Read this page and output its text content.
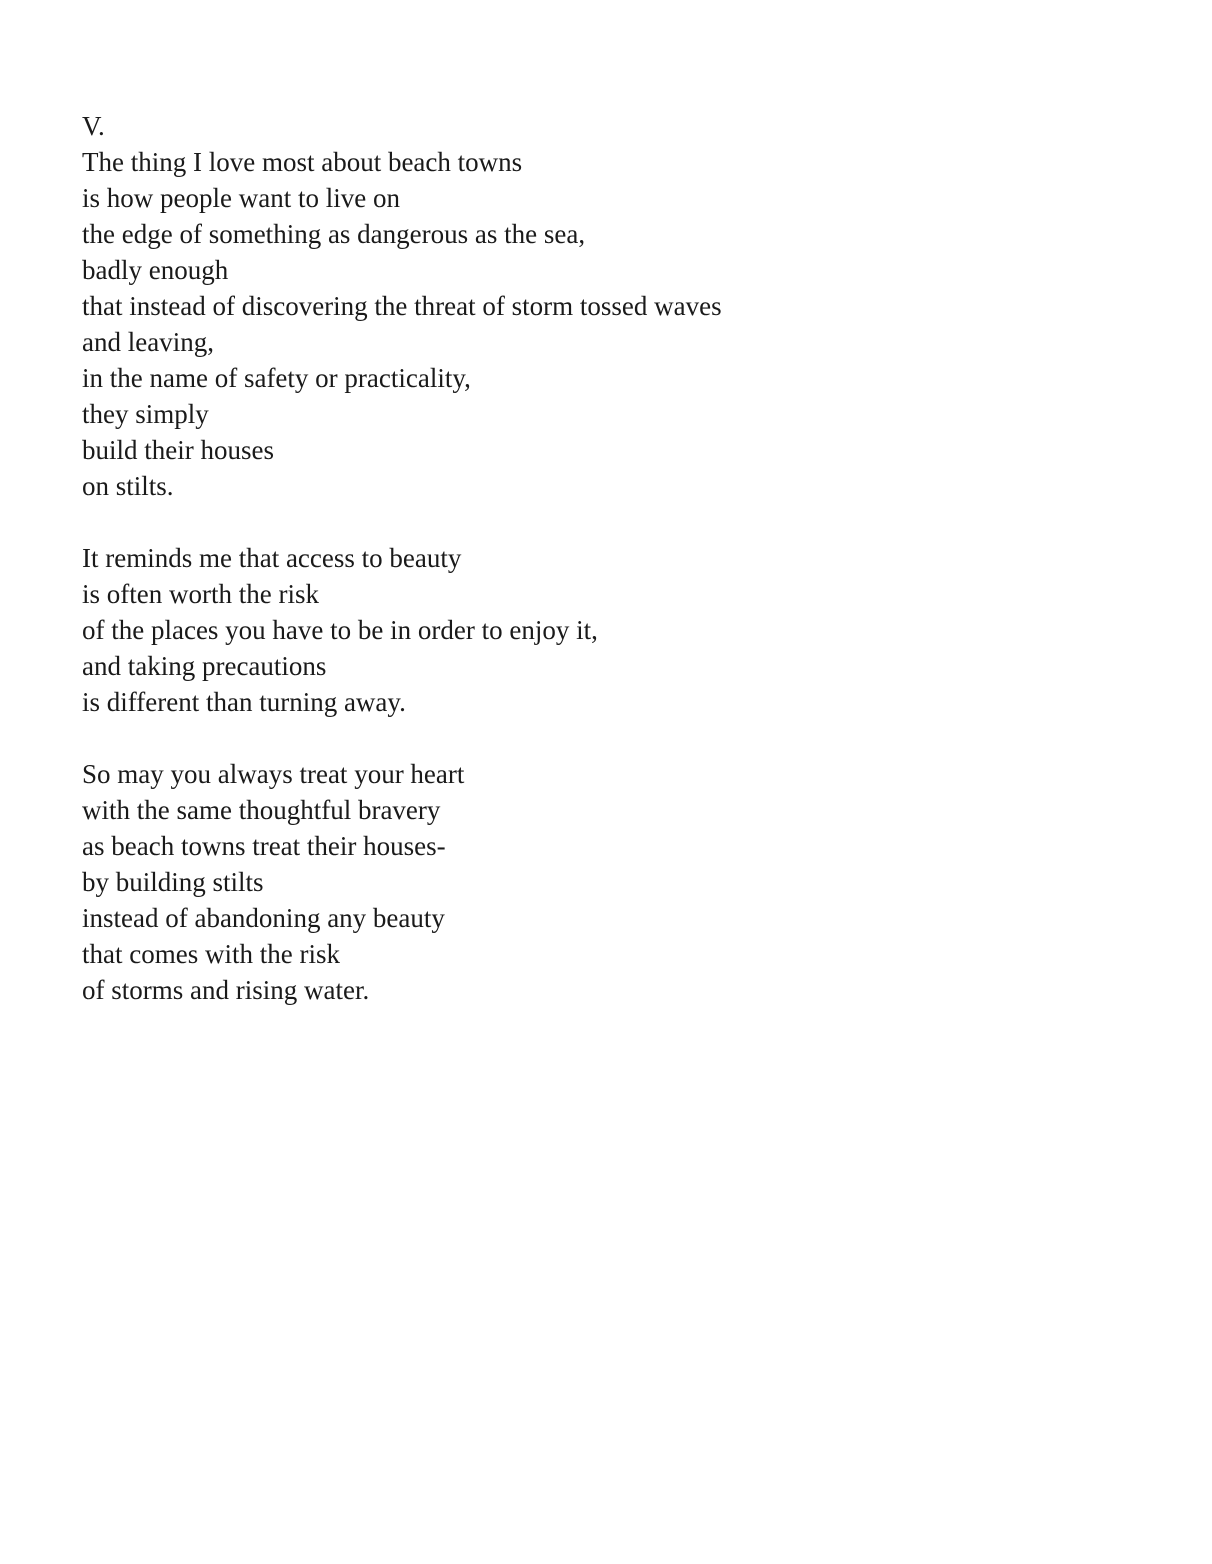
V.
The thing I love most about beach towns
is how people want to live on
the edge of something as dangerous as the sea,
badly enough
that instead of discovering the threat of storm tossed waves
and leaving,
in the name of safety or practicality,
they simply
build their houses
on stilts.
It reminds me that access to beauty
is often worth the risk
of the places you have to be in order to enjoy it,
and taking precautions
is different than turning away.
So may you always treat your heart
with the same thoughtful bravery
as beach towns treat their houses-
by building stilts
instead of abandoning any beauty
that comes with the risk
of storms and rising water.
